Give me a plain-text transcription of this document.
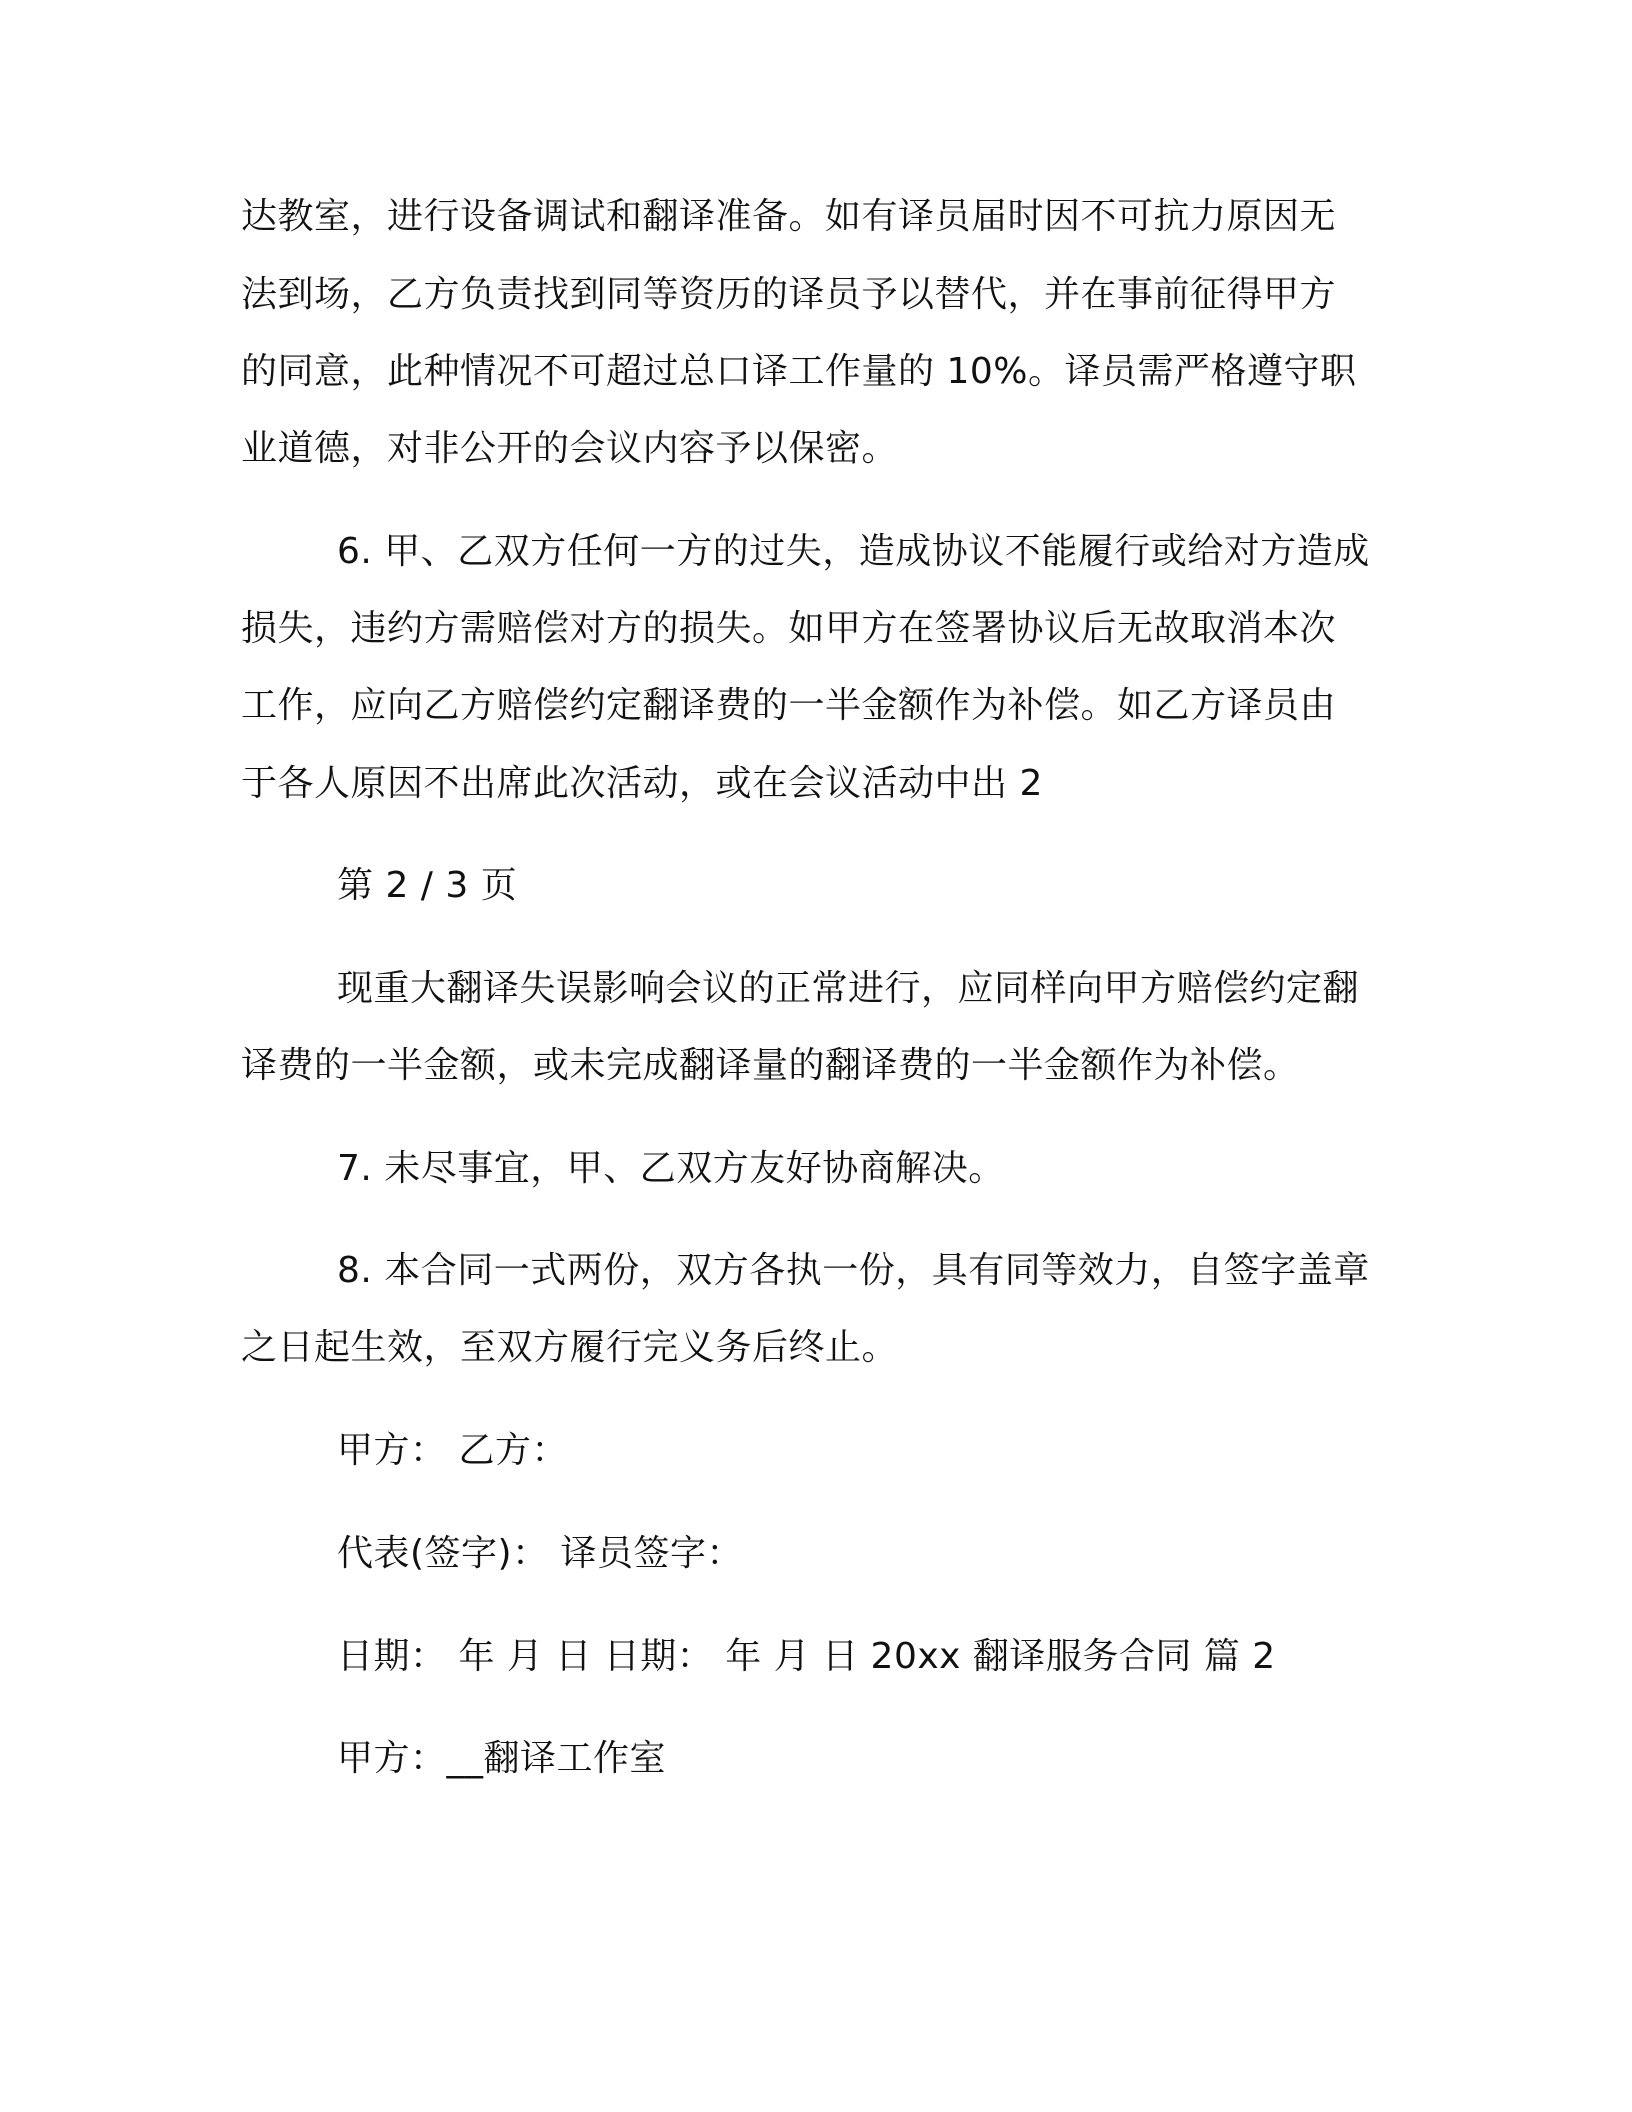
达教室，进行设备调试和翻译准备。如有译员届时因不可抗力原因无

法到场，乙方负责找到同等资历的译员予以替代，并在事前征得甲方

的同意，此种情况不可超过总口译工作量的 10%。译员需严格遵守职

业道德，对非公开的会议内容予以保密。

6. 甲、乙双方任何一方的过失，造成协议不能履行或给对方造成

损失，违约方需赔偿对方的损失。如甲方在签署协议后无故取消本次

工作，应向乙方赔偿约定翻译费的一半金额作为补偿。如乙方译员由

于各人原因不出席此次活动，或在会议活动中出 2

第 2 / 3 页

现重大翻译失误影响会议的正常进行，应同样向甲方赔偿约定翻

译费的一半金额，或未完成翻译量的翻译费的一半金额作为补偿。

7. 未尽事宜，甲、乙双方友好协商解决。

8. 本合同一式两份，双方各执一份，具有同等效力，自签字盖章

之日起生效，至双方履行完义务后终止。

甲方： 乙方：

代表(签字)： 译员签字：

日期： 年 月 日 日期： 年 月 日 20xx 翻译服务合同 篇 2

甲方：__翻译工作室
